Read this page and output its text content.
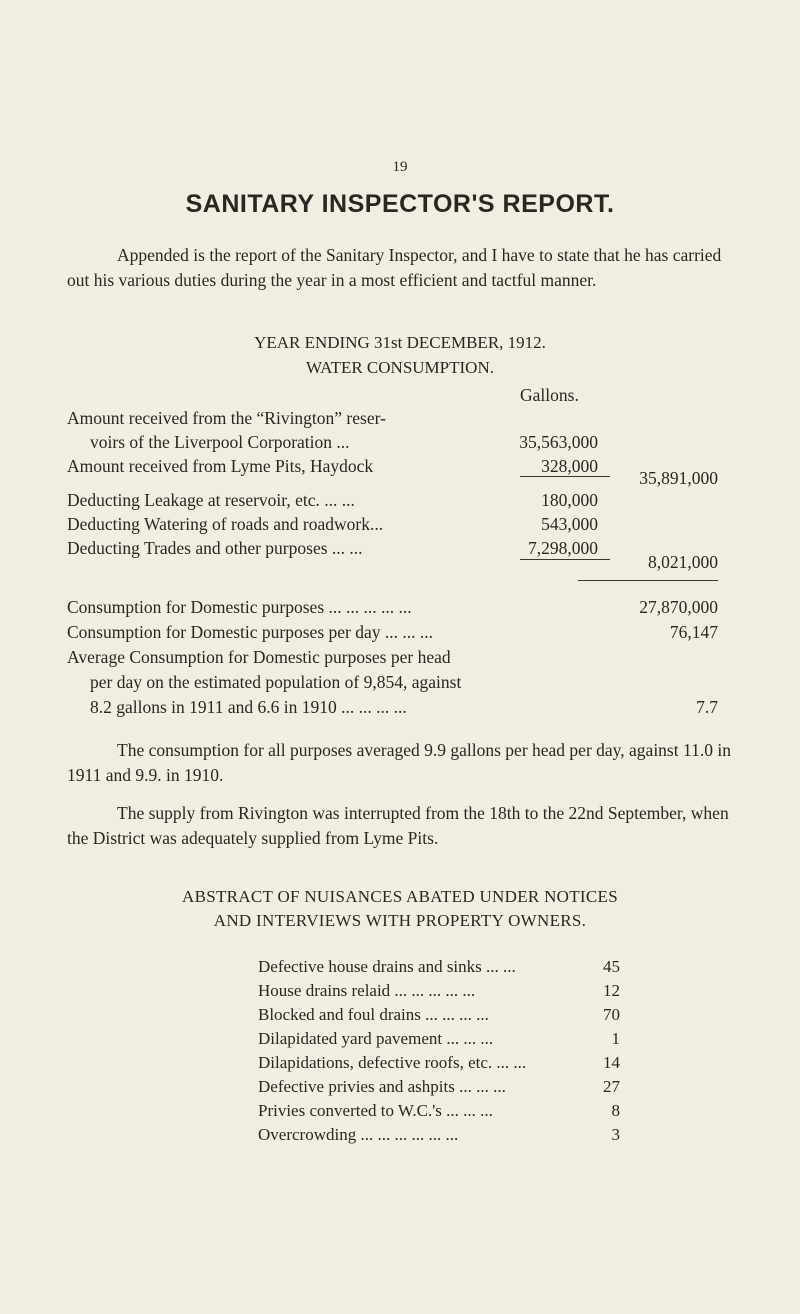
19
SANITARY INSPECTOR'S REPORT.
Appended is the report of the Sanitary Inspector, and I have to state that he has carried out his various duties during the year in a most efficient and tactful manner.
YEAR ENDING 31st DECEMBER, 1912.
WATER CONSUMPTION.
Gallons.
Amount received from the “Rivington” reser-
voirs of the Liverpool Corporation ...	35,563,000
Amount received from Lyme Pits, Haydock	328,000
35,891,000
Deducting Leakage at reservoir, etc. ... ...	180,000
Deducting Watering of roads and roadwork...	543,000
Deducting Trades and other purposes ... ...	7,298,000
8,021,000
Consumption for Domestic purposes ... ... ... ... ...	27,870,000
Consumption for Domestic purposes per day ... ... ...	76,147
Average Consumption for Domestic purposes per head
per day on the estimated population of 9,854, against
8.2 gallons in 1911 and 6.6 in 1910 ... ... ... ...	7.7
The consumption for all purposes averaged 9.9 gallons per head per day, against 11.0 in 1911 and 9.9. in 1910.
The supply from Rivington was interrupted from the 18th to the 22nd September, when the District was adequately supplied from Lyme Pits.
ABSTRACT OF NUISANCES ABATED UNDER NOTICES
AND INTERVIEWS WITH PROPERTY OWNERS.
Defective house drains and sinks ... ...	45
House drains relaid ... ... ... ... ...	12
Blocked and foul drains ... ... ... ...	70
Dilapidated yard pavement ... ... ...	1
Dilapidations, defective roofs, etc. ... ...	14
Defective privies and ashpits ... ... ...	27
Privies converted to W.C.'s ... ... ...	8
Overcrowding ... ... ... ... ... ...	3
